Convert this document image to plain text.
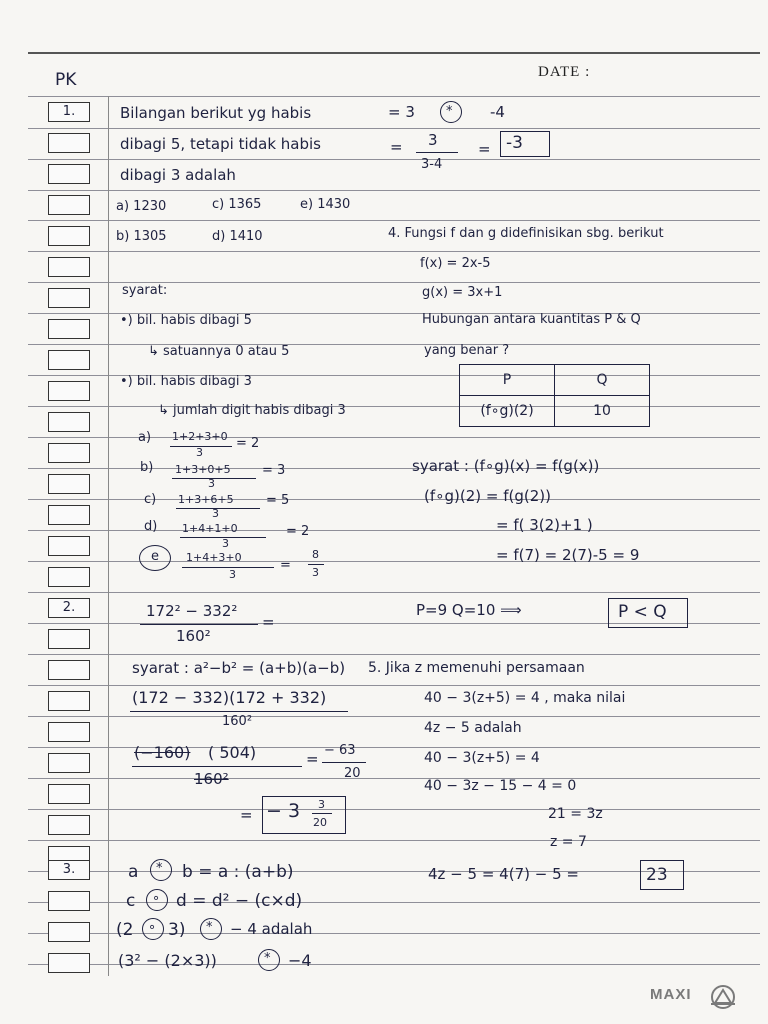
1.
2.
3.
PK	DATE :
Bilangan berikut yg habis
dibagi 5, tetapi tidak habis
dibagi 3 adalah
a) 1230	c) 1365	e) 1430
b) 1305	d) 1410
syarat:
•) bil. habis dibagi 5
↳ satuannya 0 atau 5
•) bil. habis dibagi 3
↳ jumlah digit habis dibagi 3
a) 1+2+3+0
3
= 2
b) 1+3+0+5
3
= 3
c) 1+3+6+5
3
= 5
d) 1+4+1+0
3
= 2
e 1+4+3+0
3
=
8
3
= 3 *	-4
= 3
3-4
= -3
4. Fungsi f dan g didefinisikan sbg. berikut
f(x) = 2x-5
g(x) = 3x+1
Hubungan antara kuantitas P & Q
yang benar ?
P	Q
(f∘g)(2)	10
syarat : (f∘g)(x) = f(g(x))
(f∘g)(2) = f(g(2))
= f( 3(2)+1 )
= f(7) = 2(7)-5 = 9
P=9 Q=10 ⟹	P < Q
172² − 332²
160²
=
syarat : a²−b² = (a+b)(a−b)
(172 − 332)(172 + 332)
160²
(−160) ( 504)
160²
= − 63
20
= − 3 3
20
5. Jika z memenuhi persamaan
40 − 3(z+5) = 4 , maka nilai
4z − 5 adalah
40 − 3(z+5) = 4
40 − 3z − 15 − 4 = 0
21 = 3z
z = 7
4z − 5 = 4(7) − 5 =	23
a * b = a : (a+b)
c ∘ d = d² − (c×d)
(2 ∘ 3) * − 4 adalah
(3² − (2×3))	* −4
MAXI
